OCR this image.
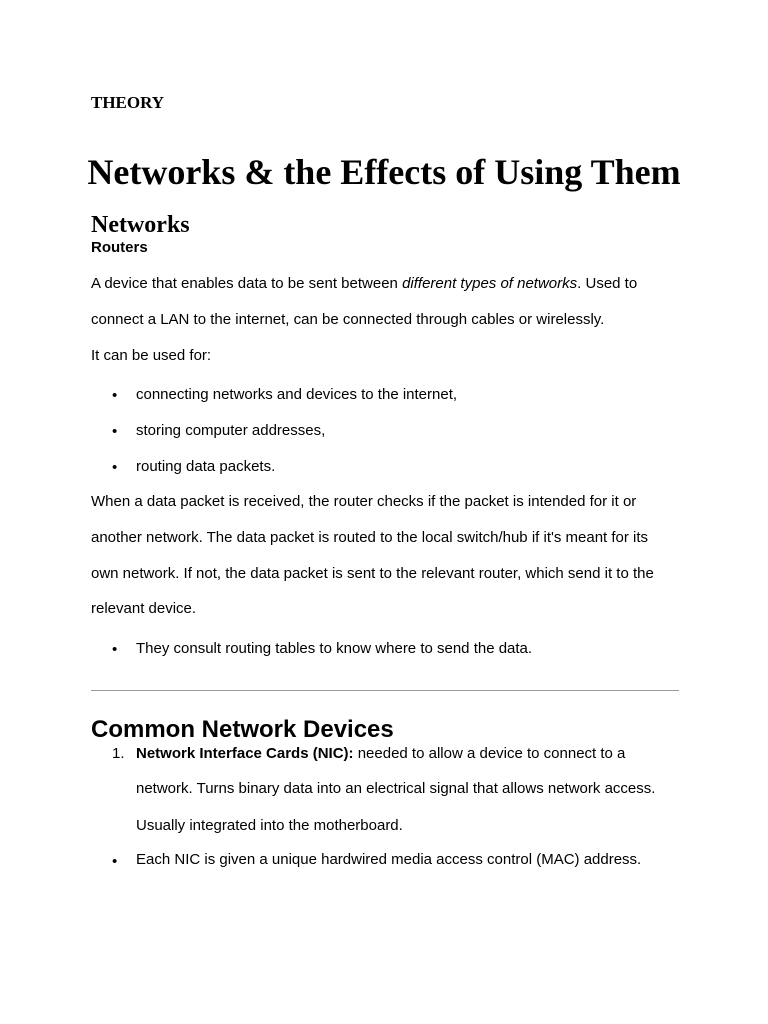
THEORY
Networks & the Effects of Using Them
Networks
Routers
A device that enables data to be sent between different types of networks. Used to
connect a LAN to the internet, can be connected through cables or wirelessly.
It can be used for:
• connecting networks and devices to the internet,
• storing computer addresses,
• routing data packets.
When a data packet is received, the router checks if the packet is intended for it or
another network. The data packet is routed to the local switch/hub if it's meant for its
own network. If not, the data packet is sent to the relevant router, which send it to the
relevant device.
• They consult routing tables to know where to send the data.
Common Network Devices
1. Network Interface Cards (NIC): needed to allow a device to connect to a
network. Turns binary data into an electrical signal that allows network access.
Usually integrated into the motherboard.
• Each NIC is given a unique hardwired media access control (MAC) address.
